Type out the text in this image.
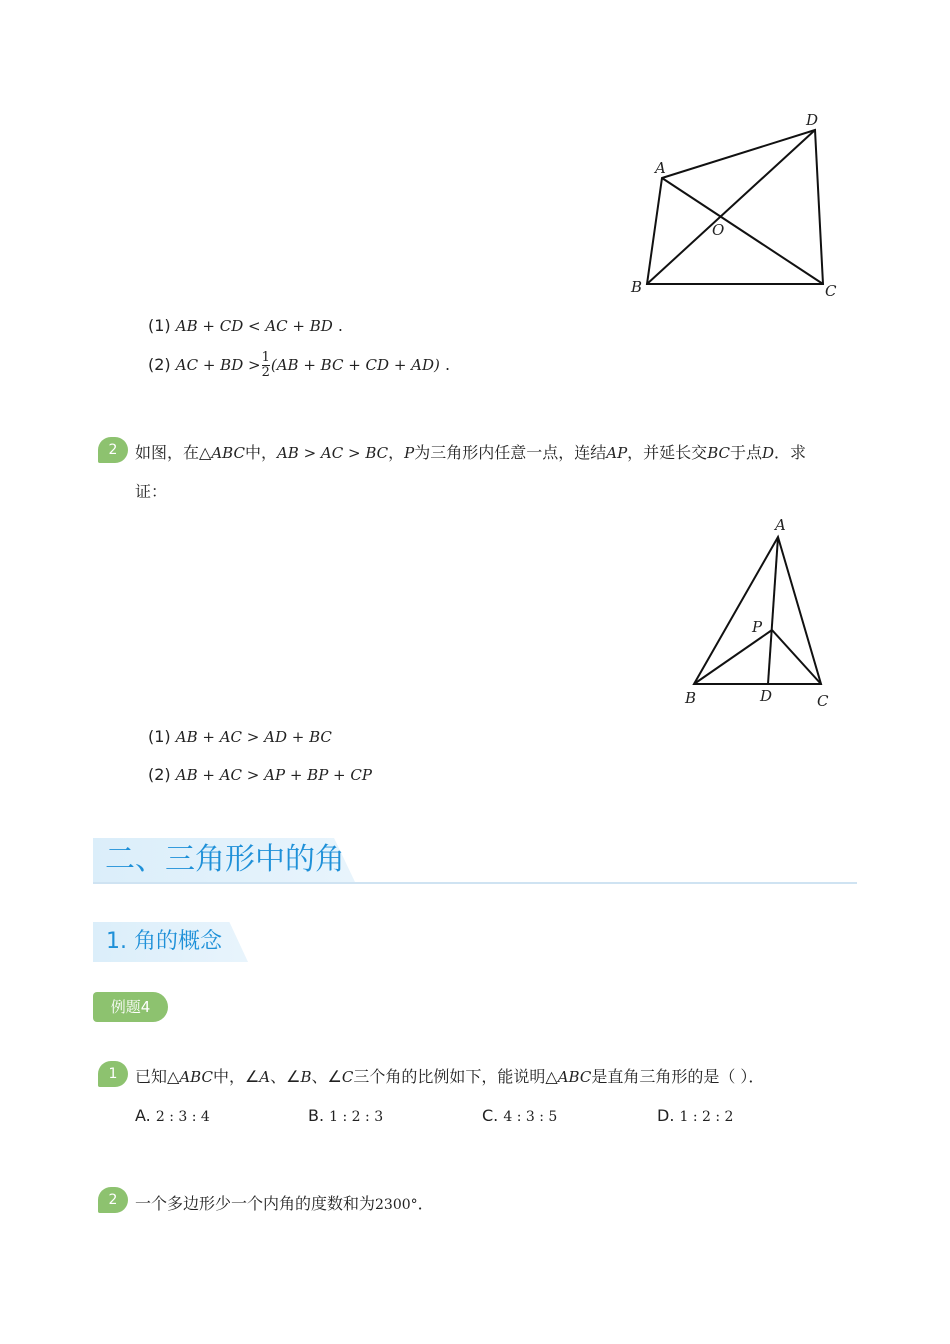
A
D
O
B	C
(1) AB + CD < AC + BD .
(2) AC + BD > $\frac{1}{2} (AB$ + BC + CD + AD) .
2	如图，在△ABC中，AB > AC > BC，P为三角形内任意一点，连结AP，并延长交BC于点D．求
证：
A
P
B	D	C
(1) AB + AC > AD + BC
(2) AB + AC > AP + BP + CP
二、三角形中的角
1. 角的概念
例题4
1	已知△ABC中，∠A、∠B、∠C三个角的比例如下，能说明△ABC是直角三角形的是（ ）．
A. 2 : 3 : 4	B. 1 : 2 : 3	C. 4 : 3 : 5	D. 1 : 2 : 2
2	一个多边形少一个内角的度数和为2300°．
